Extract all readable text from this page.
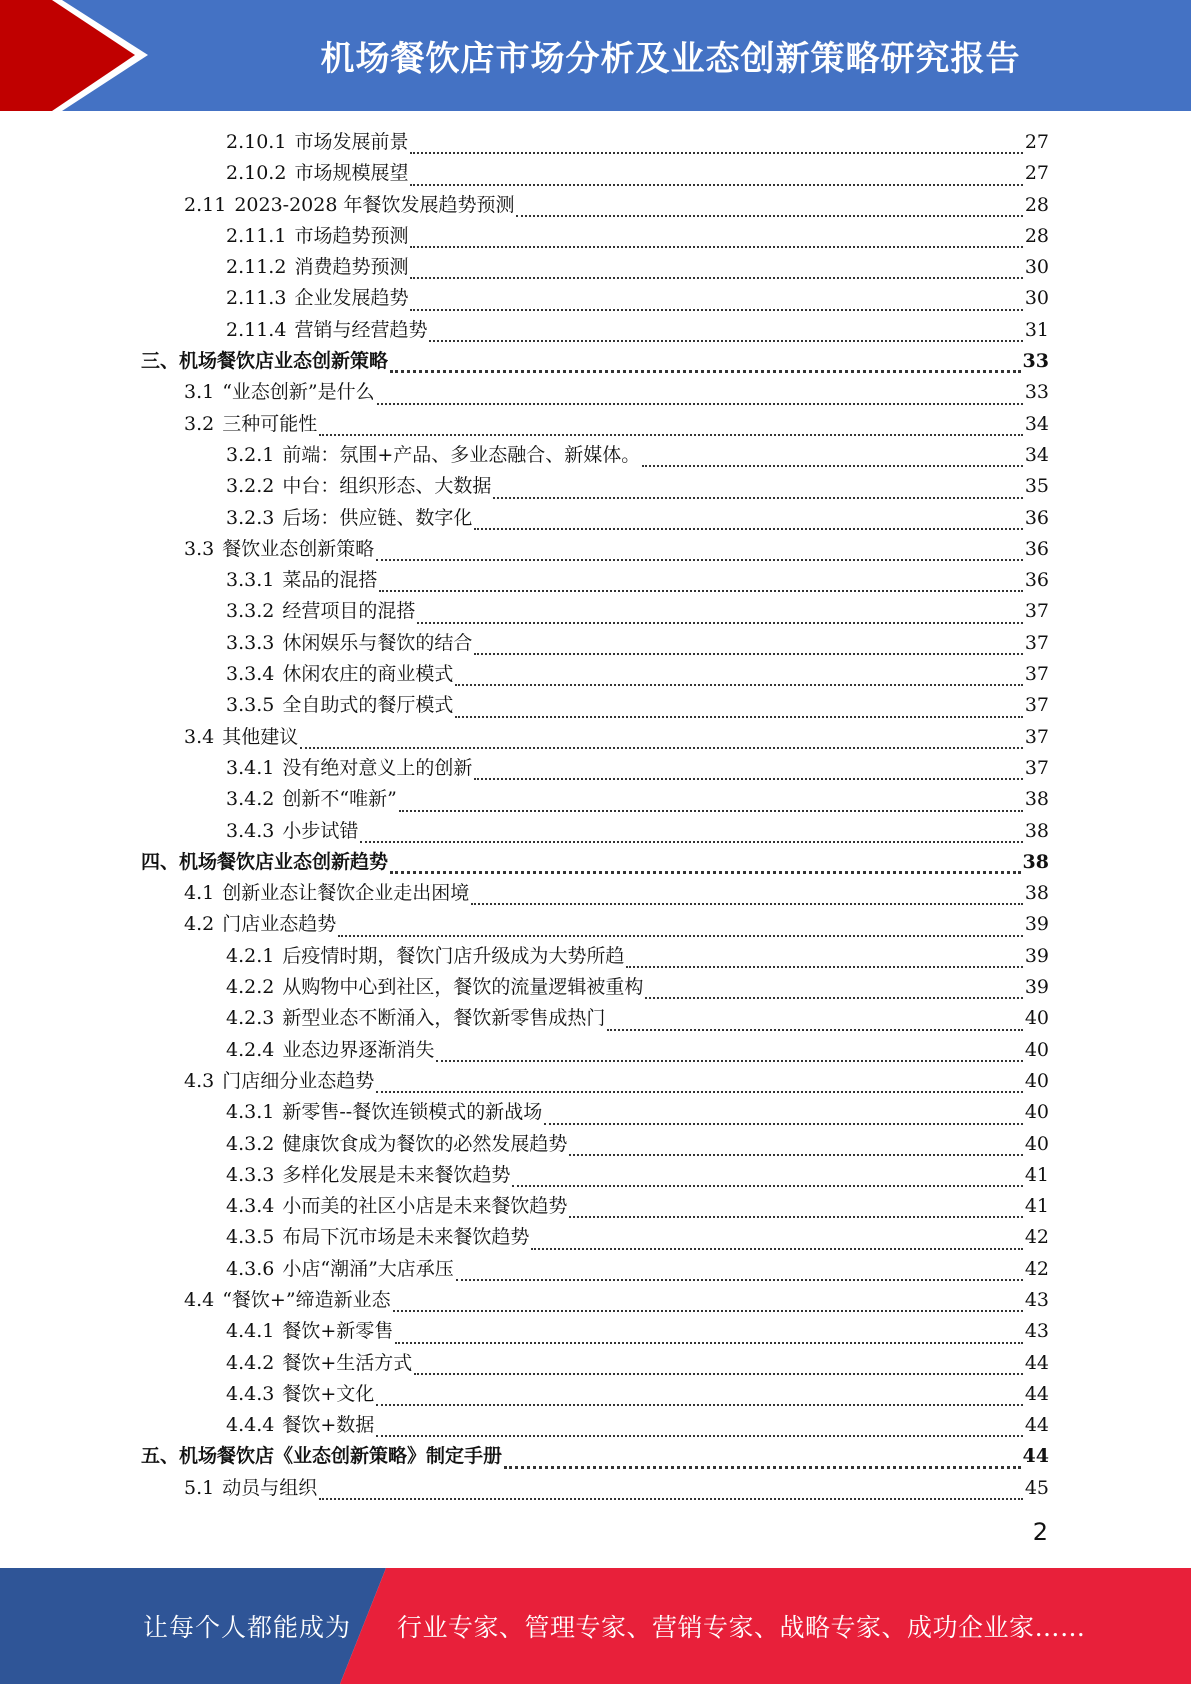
机场餐饮店市场分析及业态创新策略研究报告
2.10.1 市场发展前景	27
2.10.2 市场规模展望	27
2.11 2023-2028 年餐饮发展趋势预测	28
2.11.1 市场趋势预测	28
2.11.2 消费趋势预测	30
2.11.3 企业发展趋势	30
2.11.4 营销与经营趋势	31
三、机场餐饮店业态创新策略	33
3.1 “业态创新”是什么	33
3.2 三种可能性	34
3.2.1 前端：氛围+产品、多业态融合、新媒体。	34
3.2.2 中台：组织形态、大数据	35
3.2.3 后场：供应链、数字化	36
3.3 餐饮业态创新策略	36
3.3.1 菜品的混搭	36
3.3.2 经营项目的混搭	37
3.3.3 休闲娱乐与餐饮的结合	37
3.3.4 休闲农庄的商业模式	37
3.3.5 全自助式的餐厅模式	37
3.4 其他建议	37
3.4.1 没有绝对意义上的创新	37
3.4.2 创新不“唯新”	38
3.4.3 小步试错	38
四、机场餐饮店业态创新趋势	38
4.1 创新业态让餐饮企业走出困境	38
4.2 门店业态趋势	39
4.2.1 后疫情时期，餐饮门店升级成为大势所趋	39
4.2.2 从购物中心到社区，餐饮的流量逻辑被重构	39
4.2.3 新型业态不断涌入，餐饮新零售成热门	40
4.2.4 业态边界逐渐消失	40
4.3 门店细分业态趋势	40
4.3.1 新零售--餐饮连锁模式的新战场	40
4.3.2 健康饮食成为餐饮的必然发展趋势	40
4.3.3 多样化发展是未来餐饮趋势	41
4.3.4 小而美的社区小店是未来餐饮趋势	41
4.3.5 布局下沉市场是未来餐饮趋势	42
4.3.6 小店“潮涌”大店承压	42
4.4 “餐饮+”缔造新业态	43
4.4.1 餐饮+新零售	43
4.4.2 餐饮+生活方式	44
4.4.3 餐饮+文化	44
4.4.4 餐饮+数据	44
五、机场餐饮店《业态创新策略》制定手册	44
5.1 动员与组织	45
2
让每个人都能成为 行业专家、管理专家、营销专家、战略专家、成功企业家……
